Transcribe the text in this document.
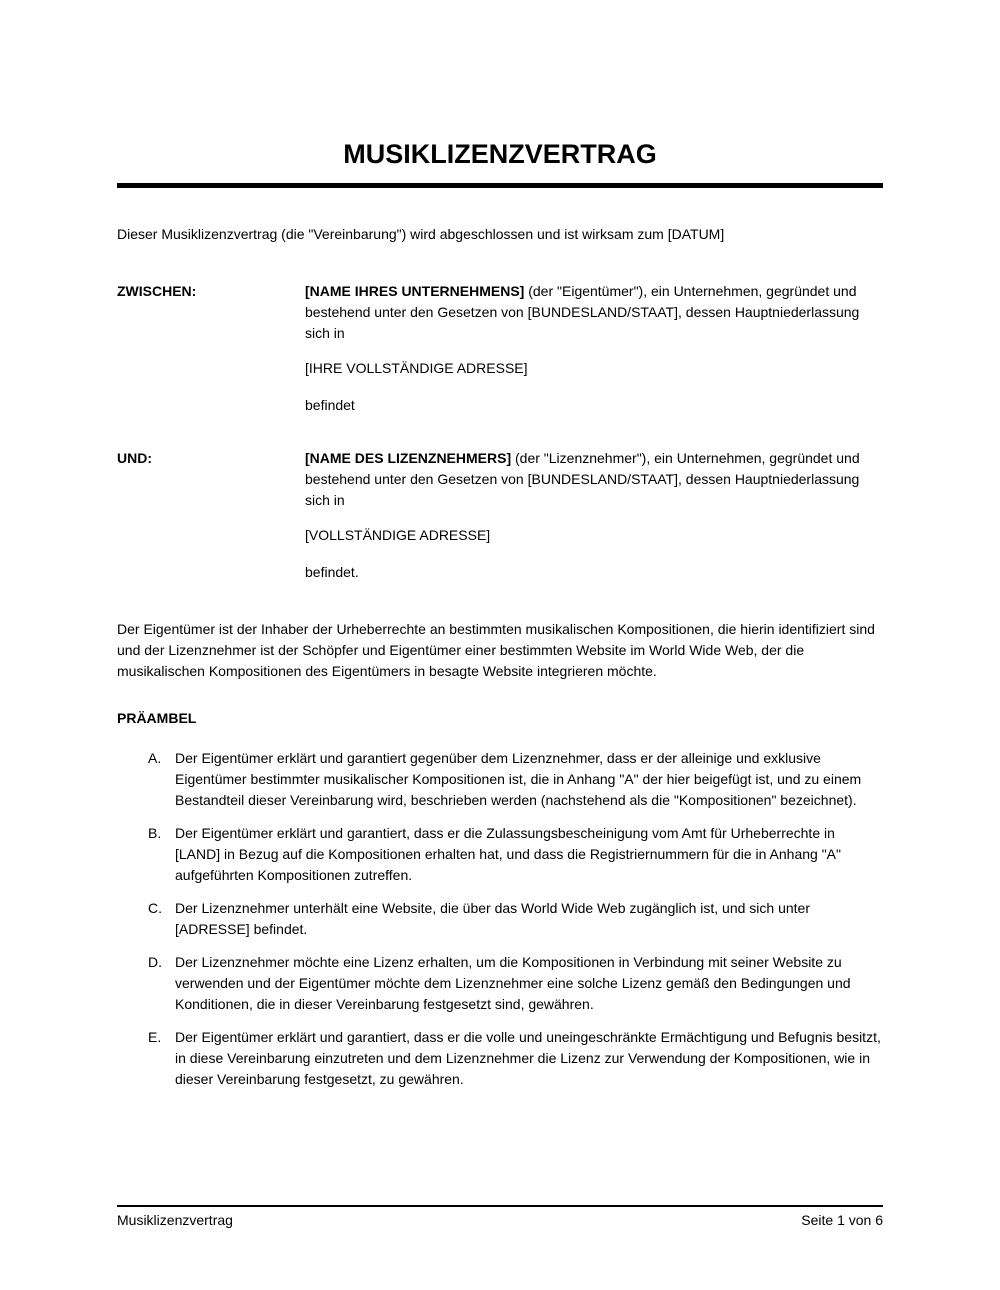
MUSIKLIZENZVERTRAG

Dieser Musiklizenzvertrag (die "Vereinbarung") wird abgeschlossen und ist wirksam zum [DATUM]

ZWISCHEN:	[NAME IHRES UNTERNEHMENS] (der "Eigentümer"), ein Unternehmen, gegründet und bestehend unter den Gesetzen von [BUNDESLAND/STAAT], dessen Hauptniederlassung sich in

[IHRE VOLLSTÄNDIGE ADRESSE]

befindet

UND:	[NAME DES LIZENZNEHMERS] (der "Lizenznehmer"), ein Unternehmen, gegründet und bestehend unter den Gesetzen von [BUNDESLAND/STAAT], dessen Hauptniederlassung sich in

[VOLLSTÄNDIGE ADRESSE]

befindet.

Der Eigentümer ist der Inhaber der Urheberrechte an bestimmten musikalischen Kompositionen, die hierin identifiziert sind und der Lizenznehmer ist der Schöpfer und Eigentümer einer bestimmten Website im World Wide Web, der die musikalischen Kompositionen des Eigentümers in besagte Website integrieren möchte.

PRÄAMBEL
A. Der Eigentümer erklärt und garantiert gegenüber dem Lizenznehmer, dass er der alleinige und exklusive Eigentümer bestimmter musikalischer Kompositionen ist, die in Anhang "A" der hier beigefügt ist, und zu einem Bestandteil dieser Vereinbarung wird, beschrieben werden (nachstehend als die "Kompositionen" bezeichnet).
B. Der Eigentümer erklärt und garantiert, dass er die Zulassungsbescheinigung vom Amt für Urheberrechte in [LAND] in Bezug auf die Kompositionen erhalten hat, und dass die Registriernummern für die in Anhang "A" aufgeführten Kompositionen zutreffen.
C. Der Lizenznehmer unterhält eine Website, die über das World Wide Web zugänglich ist, und sich unter [ADRESSE] befindet.
D. Der Lizenznehmer möchte eine Lizenz erhalten, um die Kompositionen in Verbindung mit seiner Website zu verwenden und der Eigentümer möchte dem Lizenznehmer eine solche Lizenz gemäß den Bedingungen und Konditionen, die in dieser Vereinbarung festgesetzt sind, gewähren.
E. Der Eigentümer erklärt und garantiert, dass er die volle und uneingeschränkte Ermächtigung und Befugnis besitzt, in diese Vereinbarung einzutreten und dem Lizenznehmer die Lizenz zur Verwendung der Kompositionen, wie in dieser Vereinbarung festgesetzt, zu gewähren.
Musiklizenzvertrag	Seite 1 von 6
